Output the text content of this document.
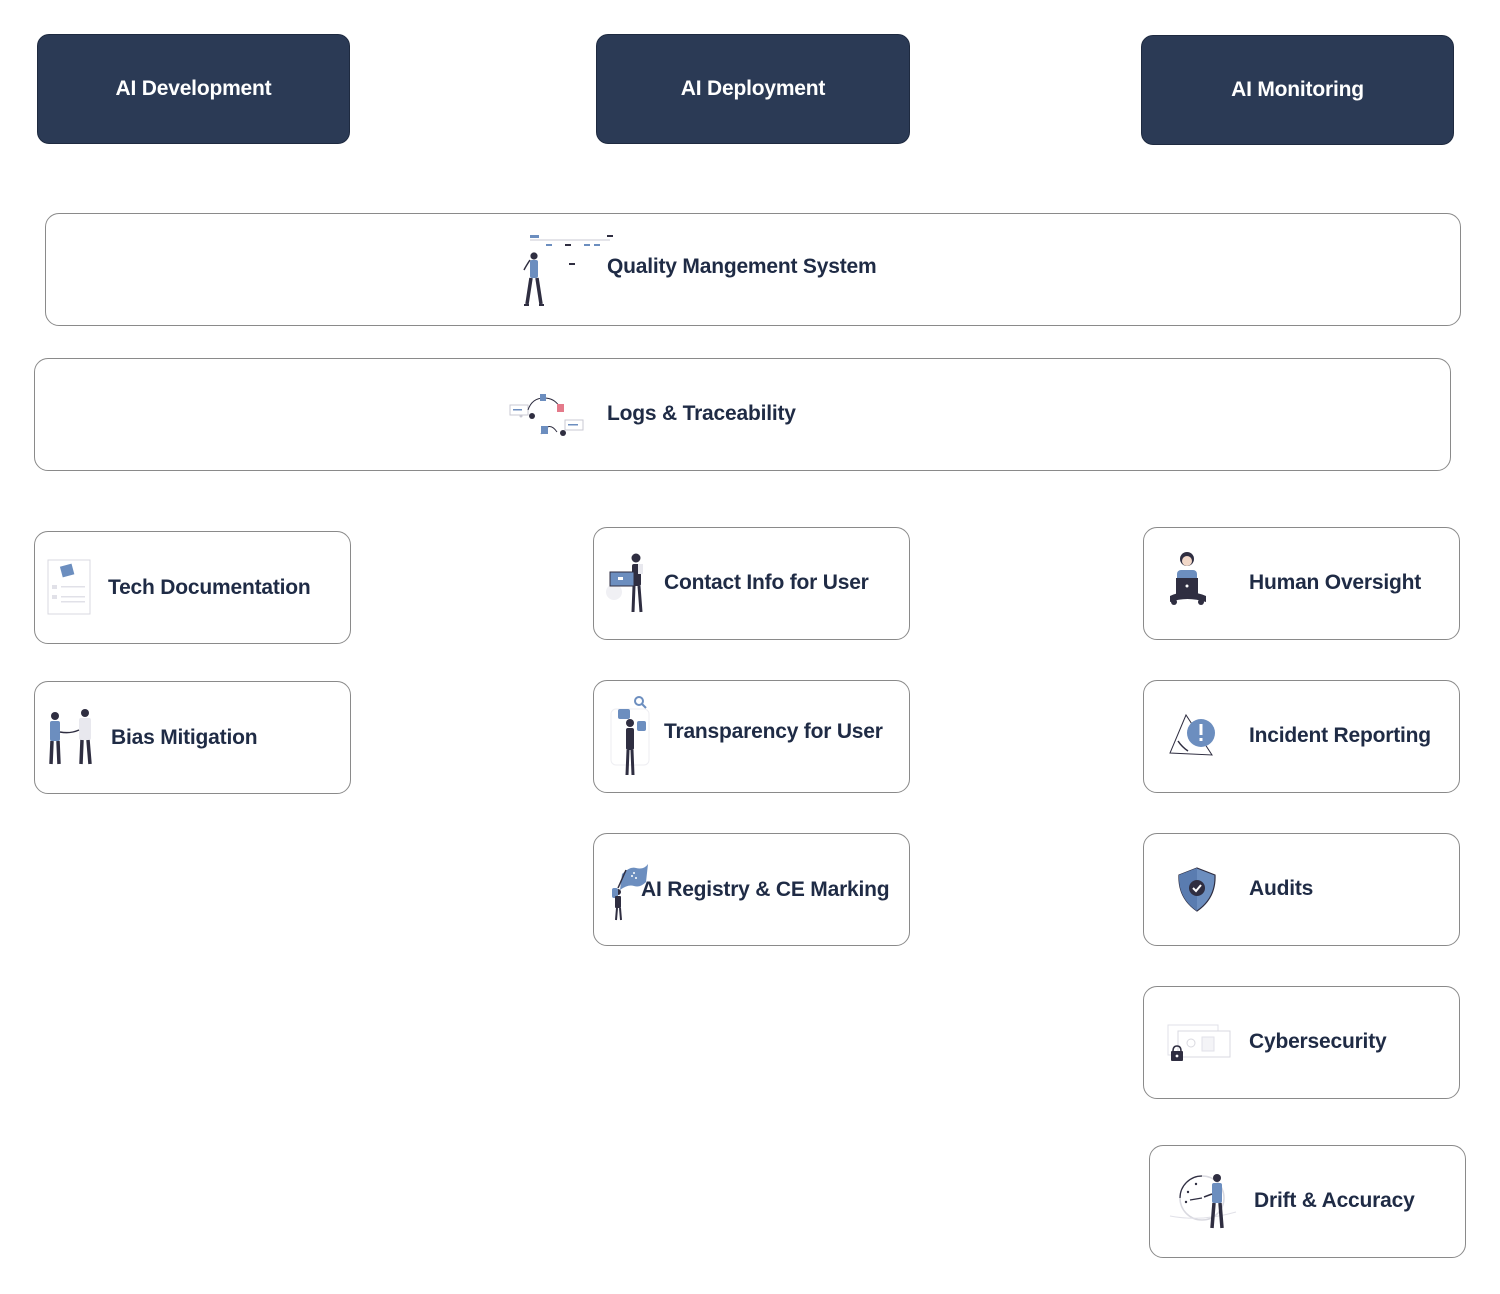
AI Development	AI Deployment	AI Monitoring
Quality Mangement System
Logs & Traceability
Tech Documentation
Bias Mitigation
Contact Info for User
Transparency for User
AI Registry & CE Marking
Human Oversight
Incident Reporting
Audits
Cybersecurity
Drift & Accuracy
